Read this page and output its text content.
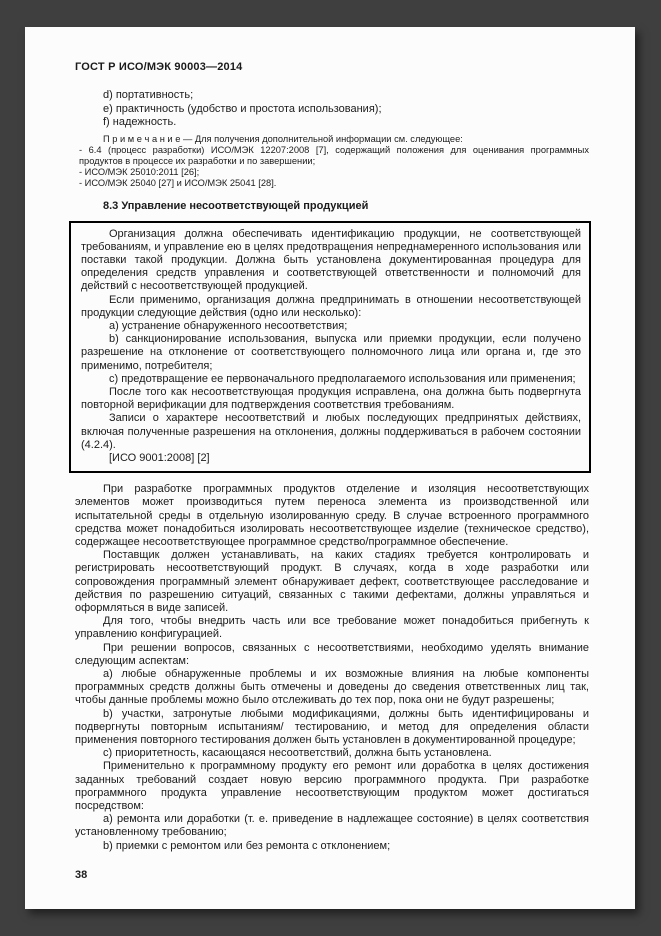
ГОСТ Р ИСО/МЭК 90003—2014

d) портативность;

e) практичность (удобство и простота использования);

f) надежность.

П р и м е ч а н и е — Для получения дополнительной информации см. следующее:

- 6.4 (процесс разработки) ИСО/МЭК 12207:2008 [7], содержащий положения для оценивания программных продуктов в процессе их разработки и по завершении;

- ИСО/МЭК 25010:2011 [26];

- ИСО/МЭК 25040 [27] и ИСО/МЭК 25041 [28].

8.3 Управление несоответствующей продукцией

Организация должна обеспечивать идентификацию продукции, не соответствующей требованиям, и управление ею в целях предотвращения непреднамеренного использования или поставки такой продукции. Должна быть установлена документированная процедура для определения средств управления и соответствующей ответственности и полномочий для действий с несоответствующей продукцией.

Если применимо, организация должна предпринимать в отношении несоответствующей продукции следующие действия (одно или несколько):

а) устранение обнаруженного несоответствия;

b) санкционирование использования, выпуска или приемки продукции, если получено разрешение на отклонение от соответствующего полномочного лица или органа и, где это применимо, потребителя;

c) предотвращение ее первоначального предполагаемого использования или применения;

После того как несоответствующая продукция исправлена, она должна быть подвергнута повторной верификации для подтверждения соответствия требованиям.

Записи о характере несоответствий и любых последующих предпринятых действиях, включая полученные разрешения на отклонения, должны поддерживаться в рабочем состоянии (4.2.4).

[ИСО 9001:2008] [2]

При разработке программных продуктов отделение и изоляция несоответствующих элементов может производиться путем переноса элемента из производственной или испытательной среды в отдельную изолированную среду. В случае встроенного программного средства может понадобиться изолировать несоответствующее изделие (техническое средство), содержащее несоответствующее программное средство/программное обеспечение.

Поставщик должен устанавливать, на каких стадиях требуется контролировать и регистрировать несоответствующий продукт. В случаях, когда в ходе разработки или сопровождения программный элемент обнаруживает дефект, соответствующее расследование и действия по разрешению ситуаций, связанных с такими дефектами, должны управляться и оформляться в виде записей.

Для того, чтобы внедрить часть или все требование может понадобиться прибегнуть к управлению конфигурацией.

При решении вопросов, связанных с несоответствиями, необходимо уделять внимание следующим аспектам:

а) любые обнаруженные проблемы и их возможные влияния на любые компоненты программных средств должны быть отмечены и доведены до сведения ответственных лиц так, чтобы данные проблемы можно было отслеживать до тех пор, пока они не будут разрешены;

b) участки, затронутые любыми модификациями, должны быть идентифицированы и подвергнуты повторным испытаниям/ тестированию, и метод для определения области применения повторного тестирования должен быть установлен в документированной процедуре;

c) приоритетность, касающаяся несоответствий, должна быть установлена.

Применительно к программному продукту его ремонт или доработка в целях достижения заданных требований создает новую версию программного продукта. При разработке программного продукта управление несоответствующим продуктом может достигаться посредством:

а) ремонта или доработки (т. е. приведение в надлежащее состояние) в целях соответствия установленному требованию;

b) приемки с ремонтом или без ремонта с отклонением;

38
